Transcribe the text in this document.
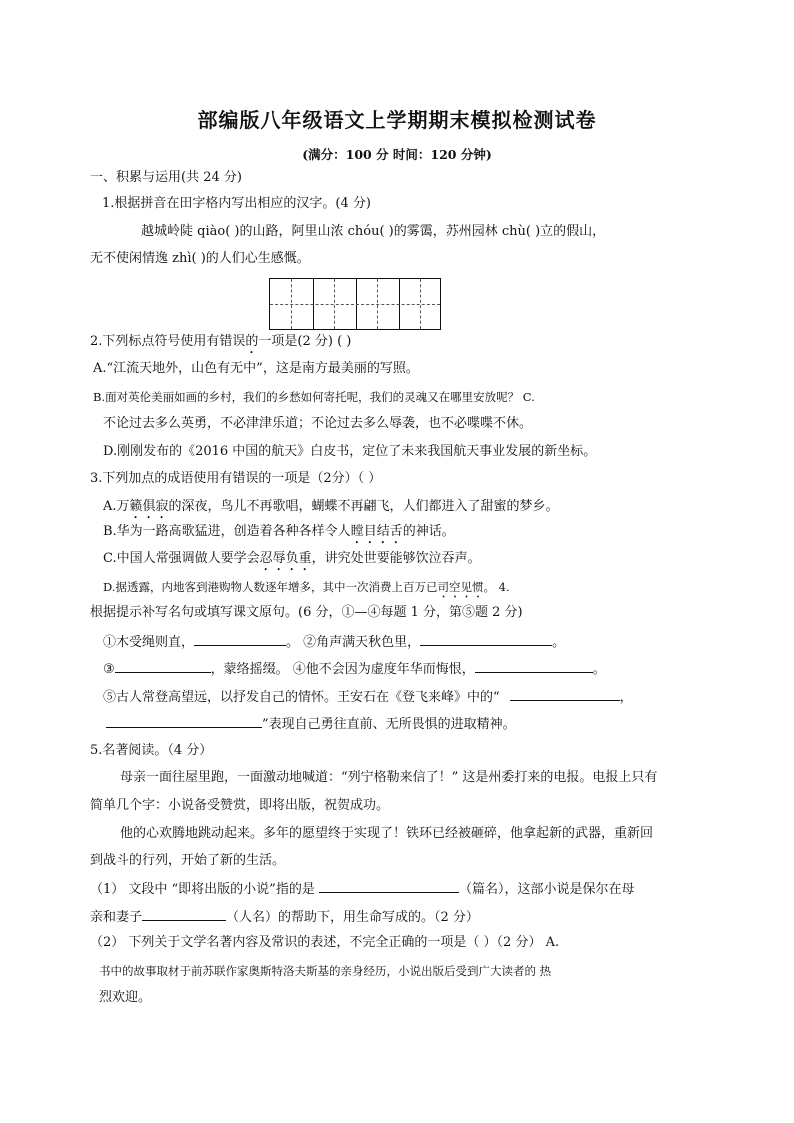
部编版八年级语文上学期期末模拟检测试卷
(满分：100 分 时间：120 分钟)
一、积累与运用(共 24 分)
1.根据拼音在田字格内写出相应的汉字。(4 分)
越城岭陡 qiào( )的山路，阿里山浓 chóu( )的雾霭，苏州园林 chù( )立的假山，
无不使闲情逸 zhì( )的人们心生感慨。
2.下列标点符号使用有错误的一项是(2 分) ( )
A.“江流天地外，山色有无中”，这是南方最美丽的写照。
B.面对英伦美丽如画的乡村，我们的乡愁如何寄托呢，我们的灵魂又在哪里安放呢？ C.
不论过去多么英勇，不必津津乐道；不论过去多么辱袭，也不必喋喋不休。
D.刚刚发布的《2016 中国的航天》白皮书，定位了未来我国航天事业发展的新坐标。
3.下列加点的成语使用有错误的一项是（2分）（ ）
A.万籁俱寂的深夜，鸟儿不再歌唱，蝴蝶不再翩飞，人们都进入了甜蜜的梦乡。
B.华为一路高歌猛进，创造着各种各样令人瞠目结舌的神话。
C.中国人常强调做人要学会忍辱负重，讲究处世要能够饮泣吞声。
D.据透露，内地客到港购物人数逐年增多，其中一次消费上百万已司空见惯。 4.
根据提示补写名句或填写课文原句。(6 分，①—④每题 1 分，第⑤题 2 分)
①木受绳则直，	。 ②角声满天秋色里，	。
③	，蒙络摇缀。 ④他不会因为虚度年华而悔恨，	。
⑤古人常登高望远，以抒发自己的情怀。王安石在《登飞来峰》中的“	，
”表现自己勇往直前、无所畏惧的进取精神。
5.名著阅读。（4 分）
母亲一面往屋里跑，一面激动地喊道：“列宁格勒来信了！” 这是州委打来的电报。电报上只有
简单几个字：小说备受赞赏，即将出版，祝贺成功。
他的心欢腾地跳动起来。多年的愿望终于实现了！铁环已经被砸碎，他拿起新的武器，重新回
到战斗的行列，开始了新的生活。
（1） 文段中 “即将出版的小说”指的是	（篇名），这部小说是保尔在母
亲和妻子	（人名）的帮助下，用生命写成的。（2 分）
（2） 下列关于文学名著内容及常识的表述，不完全正确的一项是（ ）（2 分） A.
书中的故事取材于前苏联作家奥斯特洛夫斯基的亲身经历，小说出版后受到广大读者的 热
烈欢迎。
